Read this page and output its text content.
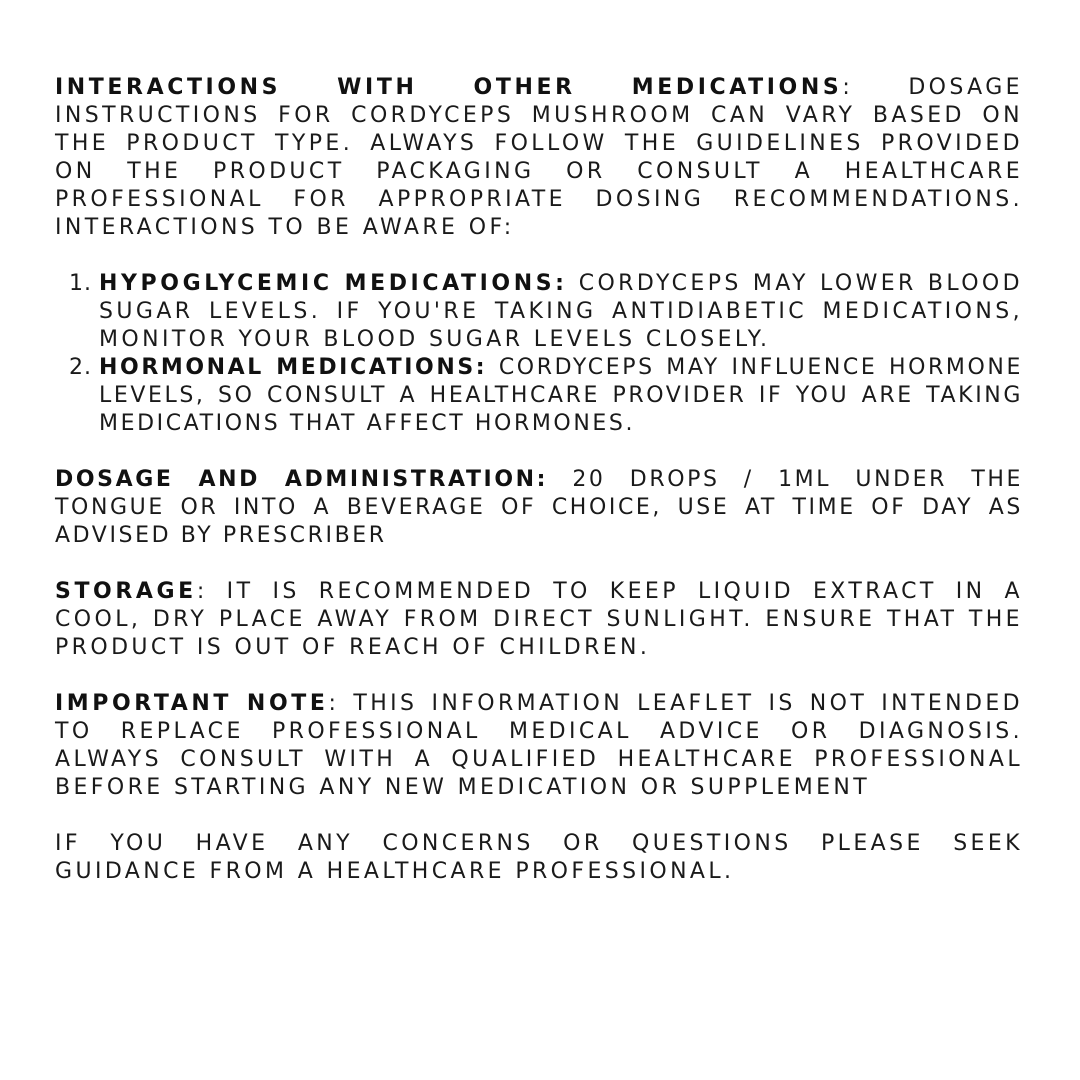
INTERACTIONS WITH OTHER MEDICATIONS: DOSAGE INSTRUCTIONS FOR CORDYCEPS MUSHROOM CAN VARY BASED ON THE PRODUCT TYPE. ALWAYS FOLLOW THE GUIDELINES PROVIDED ON THE PRODUCT PACKAGING OR CONSULT A HEALTHCARE PROFESSIONAL FOR APPROPRIATE DOSING RECOMMENDATIONS. INTERACTIONS TO BE AWARE OF:

1. HYPOGLYCEMIC MEDICATIONS: CORDYCEPS MAY LOWER BLOOD SUGAR LEVELS. IF YOU'RE TAKING ANTIDIABETIC MEDICATIONS, MONITOR YOUR BLOOD SUGAR LEVELS CLOSELY.
2. HORMONAL MEDICATIONS: CORDYCEPS MAY INFLUENCE HORMONE LEVELS, SO CONSULT A HEALTHCARE PROVIDER IF YOU ARE TAKING MEDICATIONS THAT AFFECT HORMONES.

DOSAGE AND ADMINISTRATION: 20 DROPS / 1ML UNDER THE TONGUE OR INTO A BEVERAGE OF CHOICE, USE AT TIME OF DAY AS ADVISED BY PRESCRIBER

STORAGE: IT IS RECOMMENDED TO KEEP LIQUID EXTRACT IN A COOL, DRY PLACE AWAY FROM DIRECT SUNLIGHT. ENSURE THAT THE PRODUCT IS OUT OF REACH OF CHILDREN.

IMPORTANT NOTE: THIS INFORMATION LEAFLET IS NOT INTENDED TO REPLACE PROFESSIONAL MEDICAL ADVICE OR DIAGNOSIS. ALWAYS CONSULT WITH A QUALIFIED HEALTHCARE PROFESSIONAL BEFORE STARTING ANY NEW MEDICATION OR SUPPLEMENT

IF YOU HAVE ANY CONCERNS OR QUESTIONS PLEASE SEEK GUIDANCE FROM A HEALTHCARE PROFESSIONAL.
